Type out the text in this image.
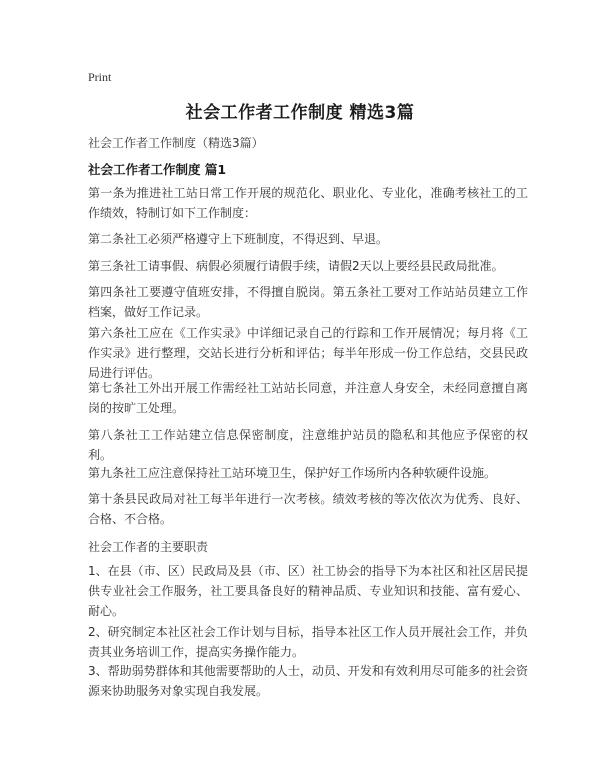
Print
社会工作者工作制度 精选3篇
社会工作者工作制度（精选3篇）
社会工作者工作制度 篇1

第一条为推进社工站日常工作开展的规范化、职业化、专业化，准确考核社工的工作绩效，特制订如下工作制度：

第二条社工必须严格遵守上下班制度，不得迟到、早退。

第三条社工请事假、病假必须履行请假手续，请假2天以上要经县民政局批准。

第四条社工要遵守值班安排，不得擅自脱岗。第五条社工要对工作站站员建立工作档案，做好工作记录。

第六条社工应在《工作实录》中详细记录自己的行踪和工作开展情况；每月将《工作实录》进行整理，交站长进行分析和评估；每半年形成一份工作总结，交县民政局进行评估。

第七条社工外出开展工作需经社工站站长同意，并注意人身安全，未经同意擅自离岗的按旷工处理。

第八条社工工作站建立信息保密制度，注意维护站员的隐私和其他应予保密的权利。

第九条社工应注意保持社工站环境卫生，保护好工作场所内各种软硬件设施。

第十条县民政局对社工每半年进行一次考核。绩效考核的等次依次为优秀、良好、合格、不合格。

社会工作者的主要职责

1、在县（市、区）民政局及县（市、区）社工协会的指导下为本社区和社区居民提供专业社会工作服务，社工要具备良好的精神品质、专业知识和技能、富有爱心、耐心。

2、研究制定本社区社会工作计划与目标，指导本社区工作人员开展社会工作，并负责其业务培训工作，提高实务操作能力。

3、帮助弱势群体和其他需要帮助的人士，动员、开发和有效利用尽可能多的社会资源来协助服务对象实现自我发展。
